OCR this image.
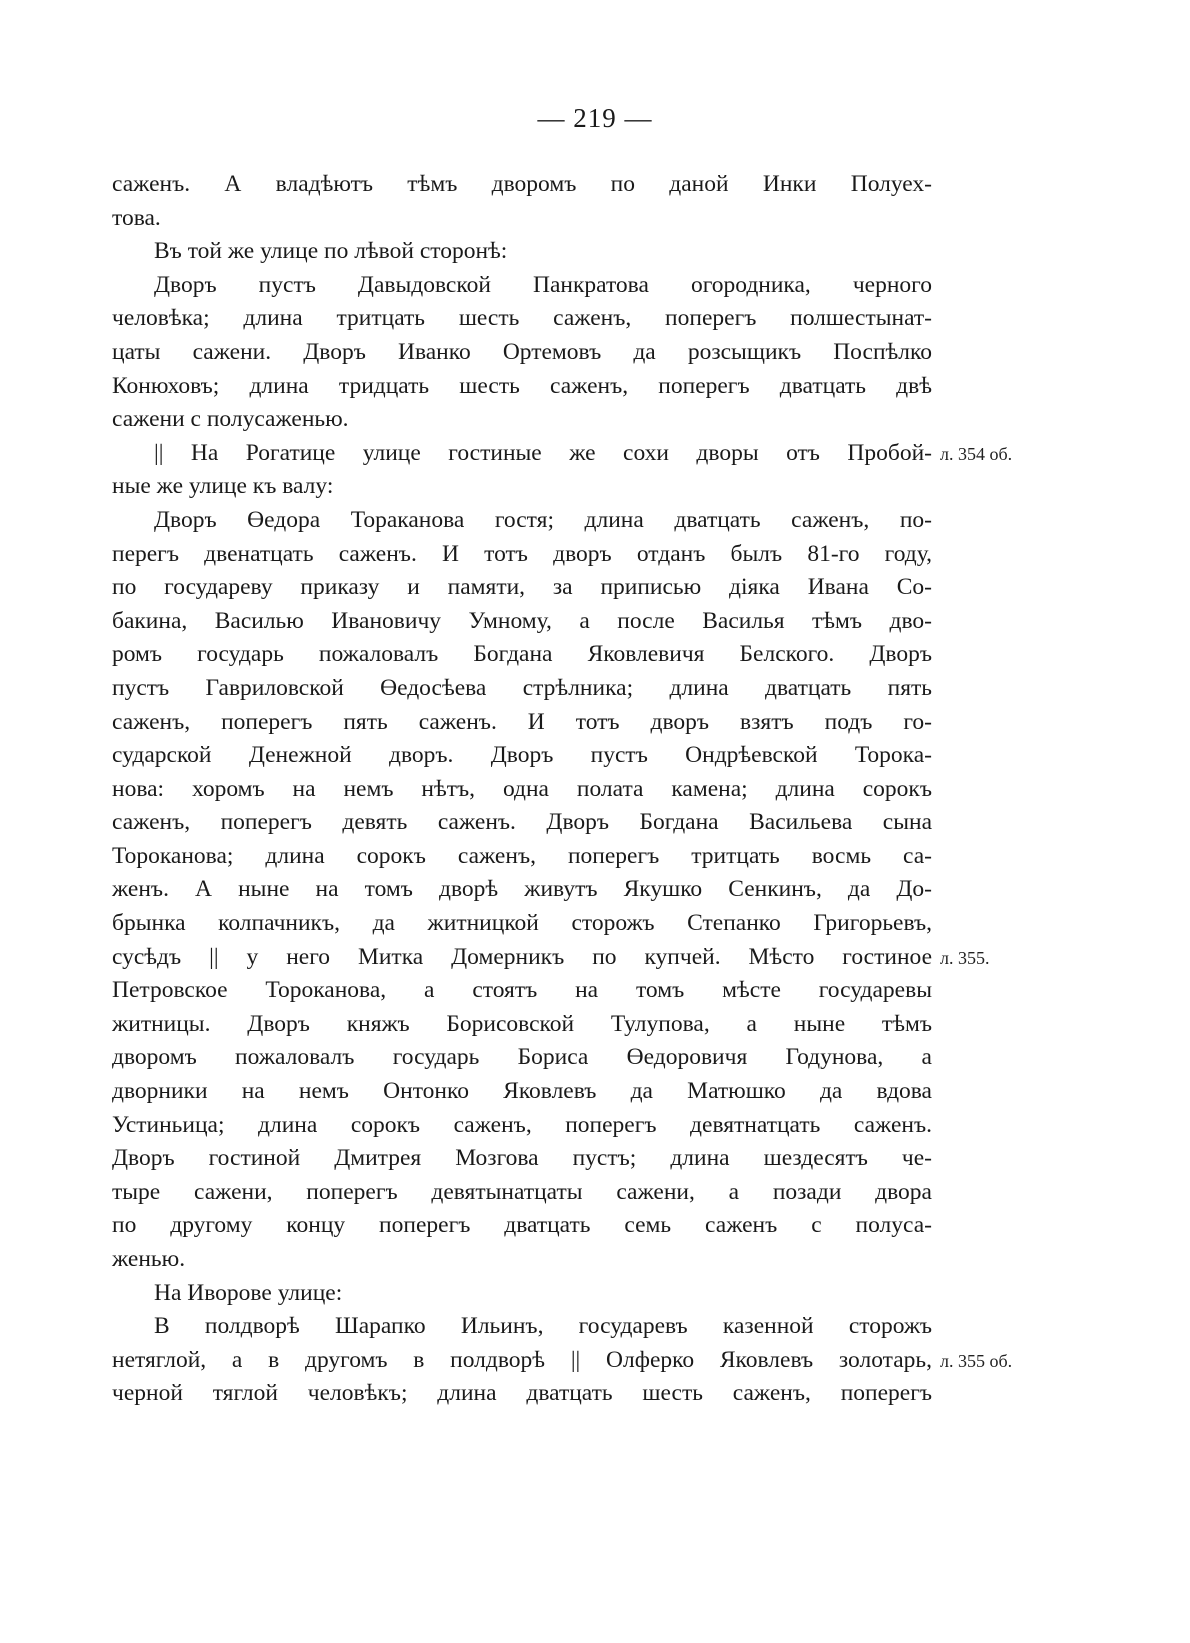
— 219 —
саженъ. А владѣютъ тѣмъ дворомъ по даной Инки Полуех-
това.
Въ той же улице по лѣвой сторонѣ:
Дворъ пустъ Давыдовской Панкратова огородника, черного
человѣка; длина тритцать шесть саженъ, поперегъ полшестынат-
цаты сажени. Дворъ Иванко Ортемовъ да розсыщикъ Поспѣлко
Конюховъ; длина тридцать шесть саженъ, поперегъ дватцать двѣ
сажени с полусаженью.
|| На Рогатице улице гостиные же сохи дворы отъ Пробой-
ные же улице къ валу:
Дворъ Өедора Тораканова гостя; длина дватцать саженъ, по-
перегъ двенатцать саженъ. И тотъ дворъ отданъ былъ 81-го году,
по государеву приказу и памяти, за приписью діяка Ивана Со-
бакина, Василью Ивановичу Умному, а после Василья тѣмъ дво-
ромъ государь пожаловалъ Богдана Яковлевичя Белского. Дворъ
пустъ Гавриловской Өедосѣева стрѣлника; длина дватцать пять
саженъ, поперегъ пять саженъ. И тотъ дворъ взятъ подъ го-
сударской Денежной дворъ. Дворъ пустъ Ондрѣевской Торока-
нова: хоромъ на немъ нѣтъ, одна полата камена; длина сорокъ
саженъ, поперегъ девять саженъ. Дворъ Богдана Васильева сына
Тороканова; длина сорокъ саженъ, поперегъ тритцать восмь са-
женъ. А ныне на томъ дворѣ живутъ Якушко Сенкинъ, да До-
брынка колпачникъ, да житницкой сторожъ Степанко Григорьевъ,
сусѣдъ || у него Митка Домерникъ по купчей. Мѣсто гостиное
Петровское Тороканова, а стоятъ на томъ мѣсте государевы
житницы. Дворъ княжъ Борисовской Тулупова, а ныне тѣмъ
дворомъ пожаловалъ государь Бориса Өедоровичя Годунова, а
дворники на немъ Онтонко Яковлевъ да Матюшко да вдова
Устиньица; длина сорокъ саженъ, поперегъ девятнатцать саженъ.
Дворъ гостиной Дмитрея Мозгова пустъ; длина шездесятъ че-
тыре сажени, поперегъ девятынатцаты сажени, а позади двора
по другому концу поперегъ дватцать семь саженъ с полуса-
женью.
На Иворове улице:
В полдворѣ Шарапко Ильинъ, государевъ казенной сторожъ
нетяглой, а в другомъ в полдворѣ || Олферко Яковлевъ золотарь,
черной тяглой человѣкъ; длина дватцать шесть саженъ, поперегъ
л. 354 об.
л. 355.
л. 355 об.
